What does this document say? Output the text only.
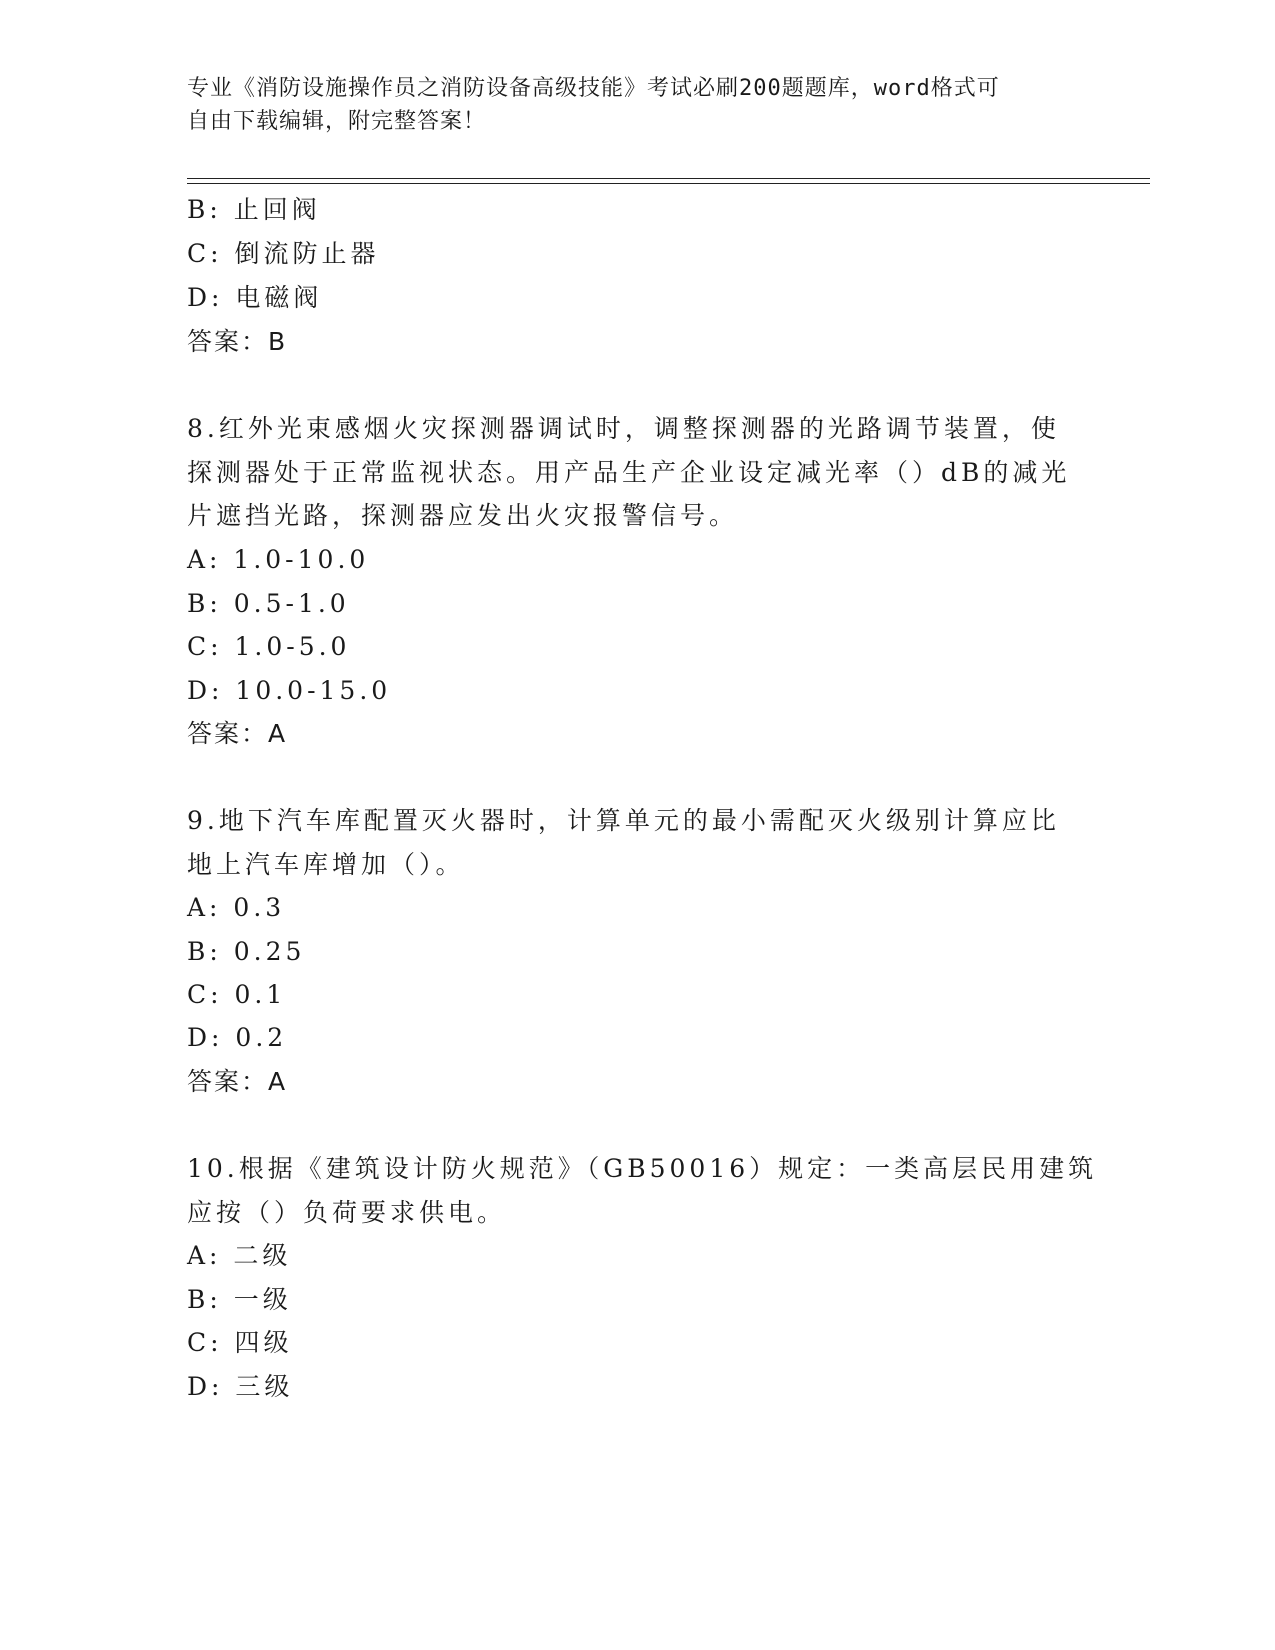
专业《消防设施操作员之消防设备高级技能》考试必刷200题题库，word格式可
自由下载编辑，附完整答案！
B: 止回阀
C: 倒流防止器
D: 电磁阀
答案：B
8.红外光束感烟火灾探测器调试时，调整探测器的光路调节装置，使
探测器处于正常监视状态。用产品生产企业设定减光率（）dB的减光
片遮挡光路，探测器应发出火灾报警信号。
A: 1.0-10.0
B: 0.5-1.0
C: 1.0-5.0
D: 10.0-15.0
答案：A
9.地下汽车库配置灭火器时，计算单元的最小需配灭火级别计算应比
地上汽车库增加（）。
A: 0.3
B: 0.25
C: 0.1
D: 0.2
答案：A
10.根据《建筑设计防火规范》（GB50016）规定：一类高层民用建筑
应按（）负荷要求供电。
A: 二级
B: 一级
C: 四级
D: 三级
